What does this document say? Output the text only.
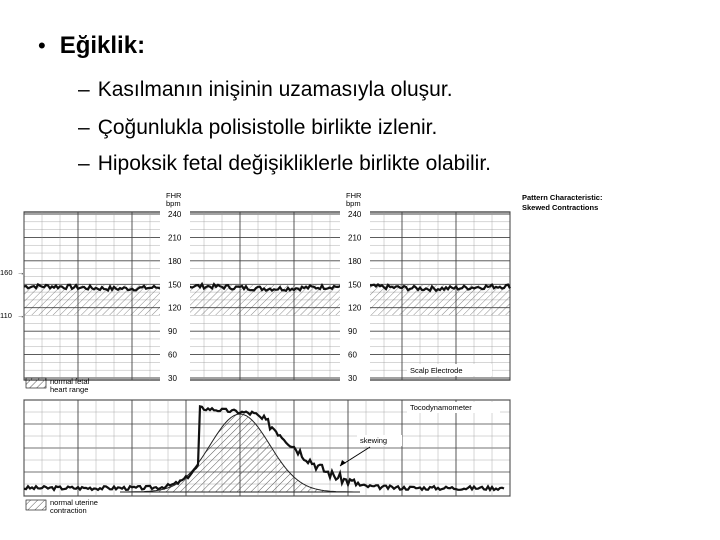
• Eğiklik:
– Kasılmanın inişinin uzamasıyla oluşur.
– Çoğunlukla polisistolle birlikte izlenir.
– Hipoksik fetal değişikliklerle birlikte olabilir.
Pattern Characteristic:
Skewed Contractions
FHR
bpm
FHR
bpm
240	240
210	210
180	180
150	150
120	120
90	90
60	60
30	30
160 →
110 →
Scalp Electrode
normal fetal
heart range
Tocodynamometer
skewing
normal uterine
contraction
